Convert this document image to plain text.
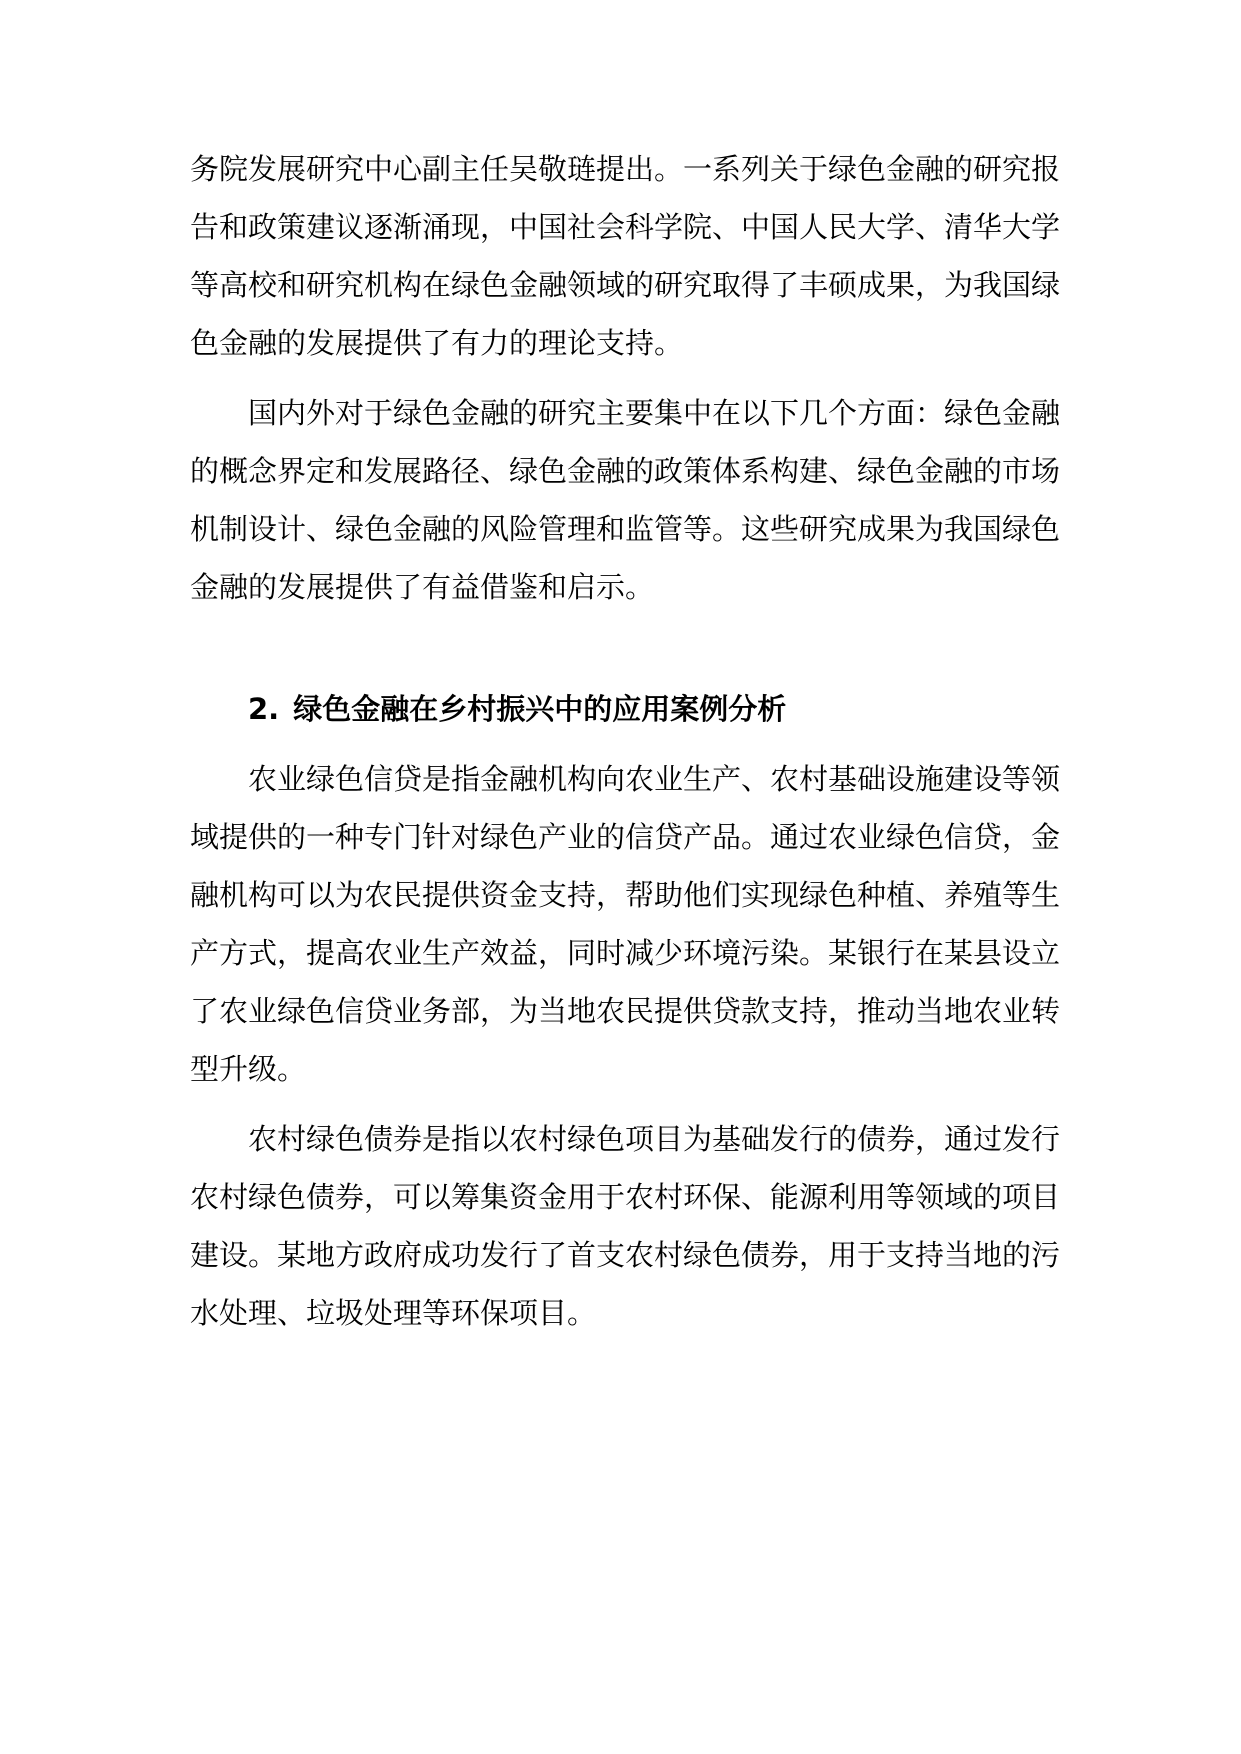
务院发展研究中心副主任吴敬琏提出。一系列关于绿色金融的研究报
告和政策建议逐渐涌现，中国社会科学院、中国人民大学、清华大学
等高校和研究机构在绿色金融领域的研究取得了丰硕成果，为我国绿
色金融的发展提供了有力的理论支持。
国内外对于绿色金融的研究主要集中在以下几个方面：绿色金融
的概念界定和发展路径、绿色金融的政策体系构建、绿色金融的市场
机制设计、绿色金融的风险管理和监管等。这些研究成果为我国绿色
金融的发展提供了有益借鉴和启示。
2. 绿色金融在乡村振兴中的应用案例分析
农业绿色信贷是指金融机构向农业生产、农村基础设施建设等领
域提供的一种专门针对绿色产业的信贷产品。通过农业绿色信贷，金
融机构可以为农民提供资金支持，帮助他们实现绿色种植、养殖等生
产方式，提高农业生产效益，同时减少环境污染。某银行在某县设立
了农业绿色信贷业务部，为当地农民提供贷款支持，推动当地农业转
型升级。
农村绿色债券是指以农村绿色项目为基础发行的债券，通过发行
农村绿色债券，可以筹集资金用于农村环保、能源利用等领域的项目
建设。某地方政府成功发行了首支农村绿色债券，用于支持当地的污
水处理、垃圾处理等环保项目。
